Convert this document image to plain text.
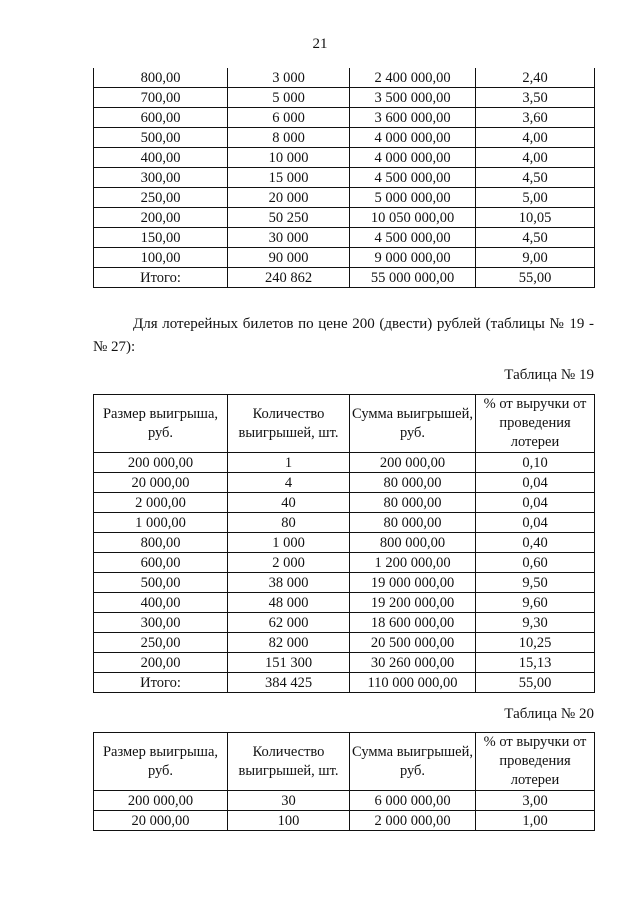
21
800,00	3 000	2 400 000,00	2,40
700,00	5 000	3 500 000,00	3,50
600,00	6 000	3 600 000,00	3,60
500,00	8 000	4 000 000,00	4,00
400,00	10 000	4 000 000,00	4,00
300,00	15 000	4 500 000,00	4,50
250,00	20 000	5 000 000,00	5,00
200,00	50 250	10 050 000,00	10,05
150,00	30 000	4 500 000,00	4,50
100,00	90 000	9 000 000,00	9,00
Итого:	240 862	55 000 000,00	55,00
Для лотерейных билетов по цене 200 (двести) рублей (таблицы № 19 - № 27):
Таблица № 19
Размер выигрыша, руб.	Количество выигрышей, шт.	Сумма выигрышей, руб.	% от выручки от проведения лотереи
200 000,00	1	200 000,00	0,10
20 000,00	4	80 000,00	0,04
2 000,00	40	80 000,00	0,04
1 000,00	80	80 000,00	0,04
800,00	1 000	800 000,00	0,40
600,00	2 000	1 200 000,00	0,60
500,00	38 000	19 000 000,00	9,50
400,00	48 000	19 200 000,00	9,60
300,00	62 000	18 600 000,00	9,30
250,00	82 000	20 500 000,00	10,25
200,00	151 300	30 260 000,00	15,13
Итого:	384 425	110 000 000,00	55,00
Таблица № 20
Размер выигрыша, руб.	Количество выигрышей, шт.	Сумма выигрышей, руб.	% от выручки от проведения лотереи
200 000,00	30	6 000 000,00	3,00
20 000,00	100	2 000 000,00	1,00
